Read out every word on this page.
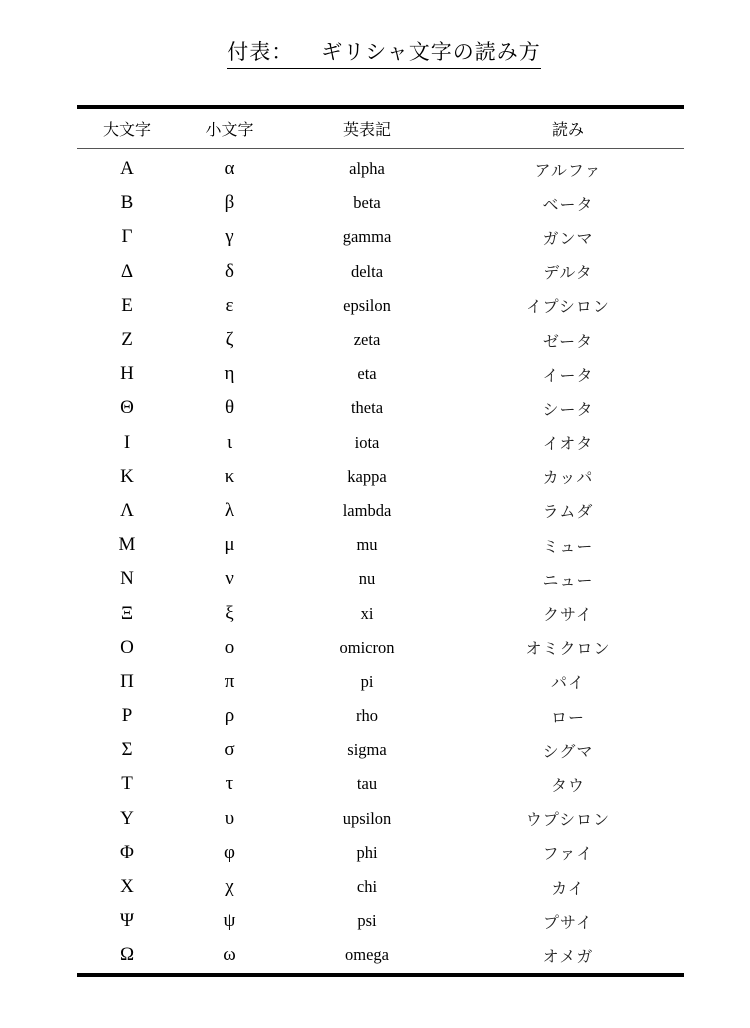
付表： ギリシャ文字の読み方
大文字	小文字	英表記	読み
Α	α	alpha	アルファ
Β	β	beta	ベータ
Γ	γ	gamma	ガンマ
Δ	δ	delta	デルタ
Ε	ε	epsilon	イプシロン
Ζ	ζ	zeta	ゼータ
Η	η	eta	イータ
Θ	θ	theta	シータ
Ι	ι	iota	イオタ
Κ	κ	kappa	カッパ
Λ	λ	lambda	ラムダ
Μ	μ	mu	ミュー
Ν	ν	nu	ニュー
Ξ	ξ	xi	クサイ
Ο	ο	omicron	オミクロン
Π	π	pi	パイ
Ρ	ρ	rho	ロー
Σ	σ	sigma	シグマ
Τ	τ	tau	タウ
Υ	υ	upsilon	ウプシロン
Φ	φ	phi	ファイ
Χ	χ	chi	カイ
Ψ	ψ	psi	プサイ
Ω	ω	omega	オメガ
